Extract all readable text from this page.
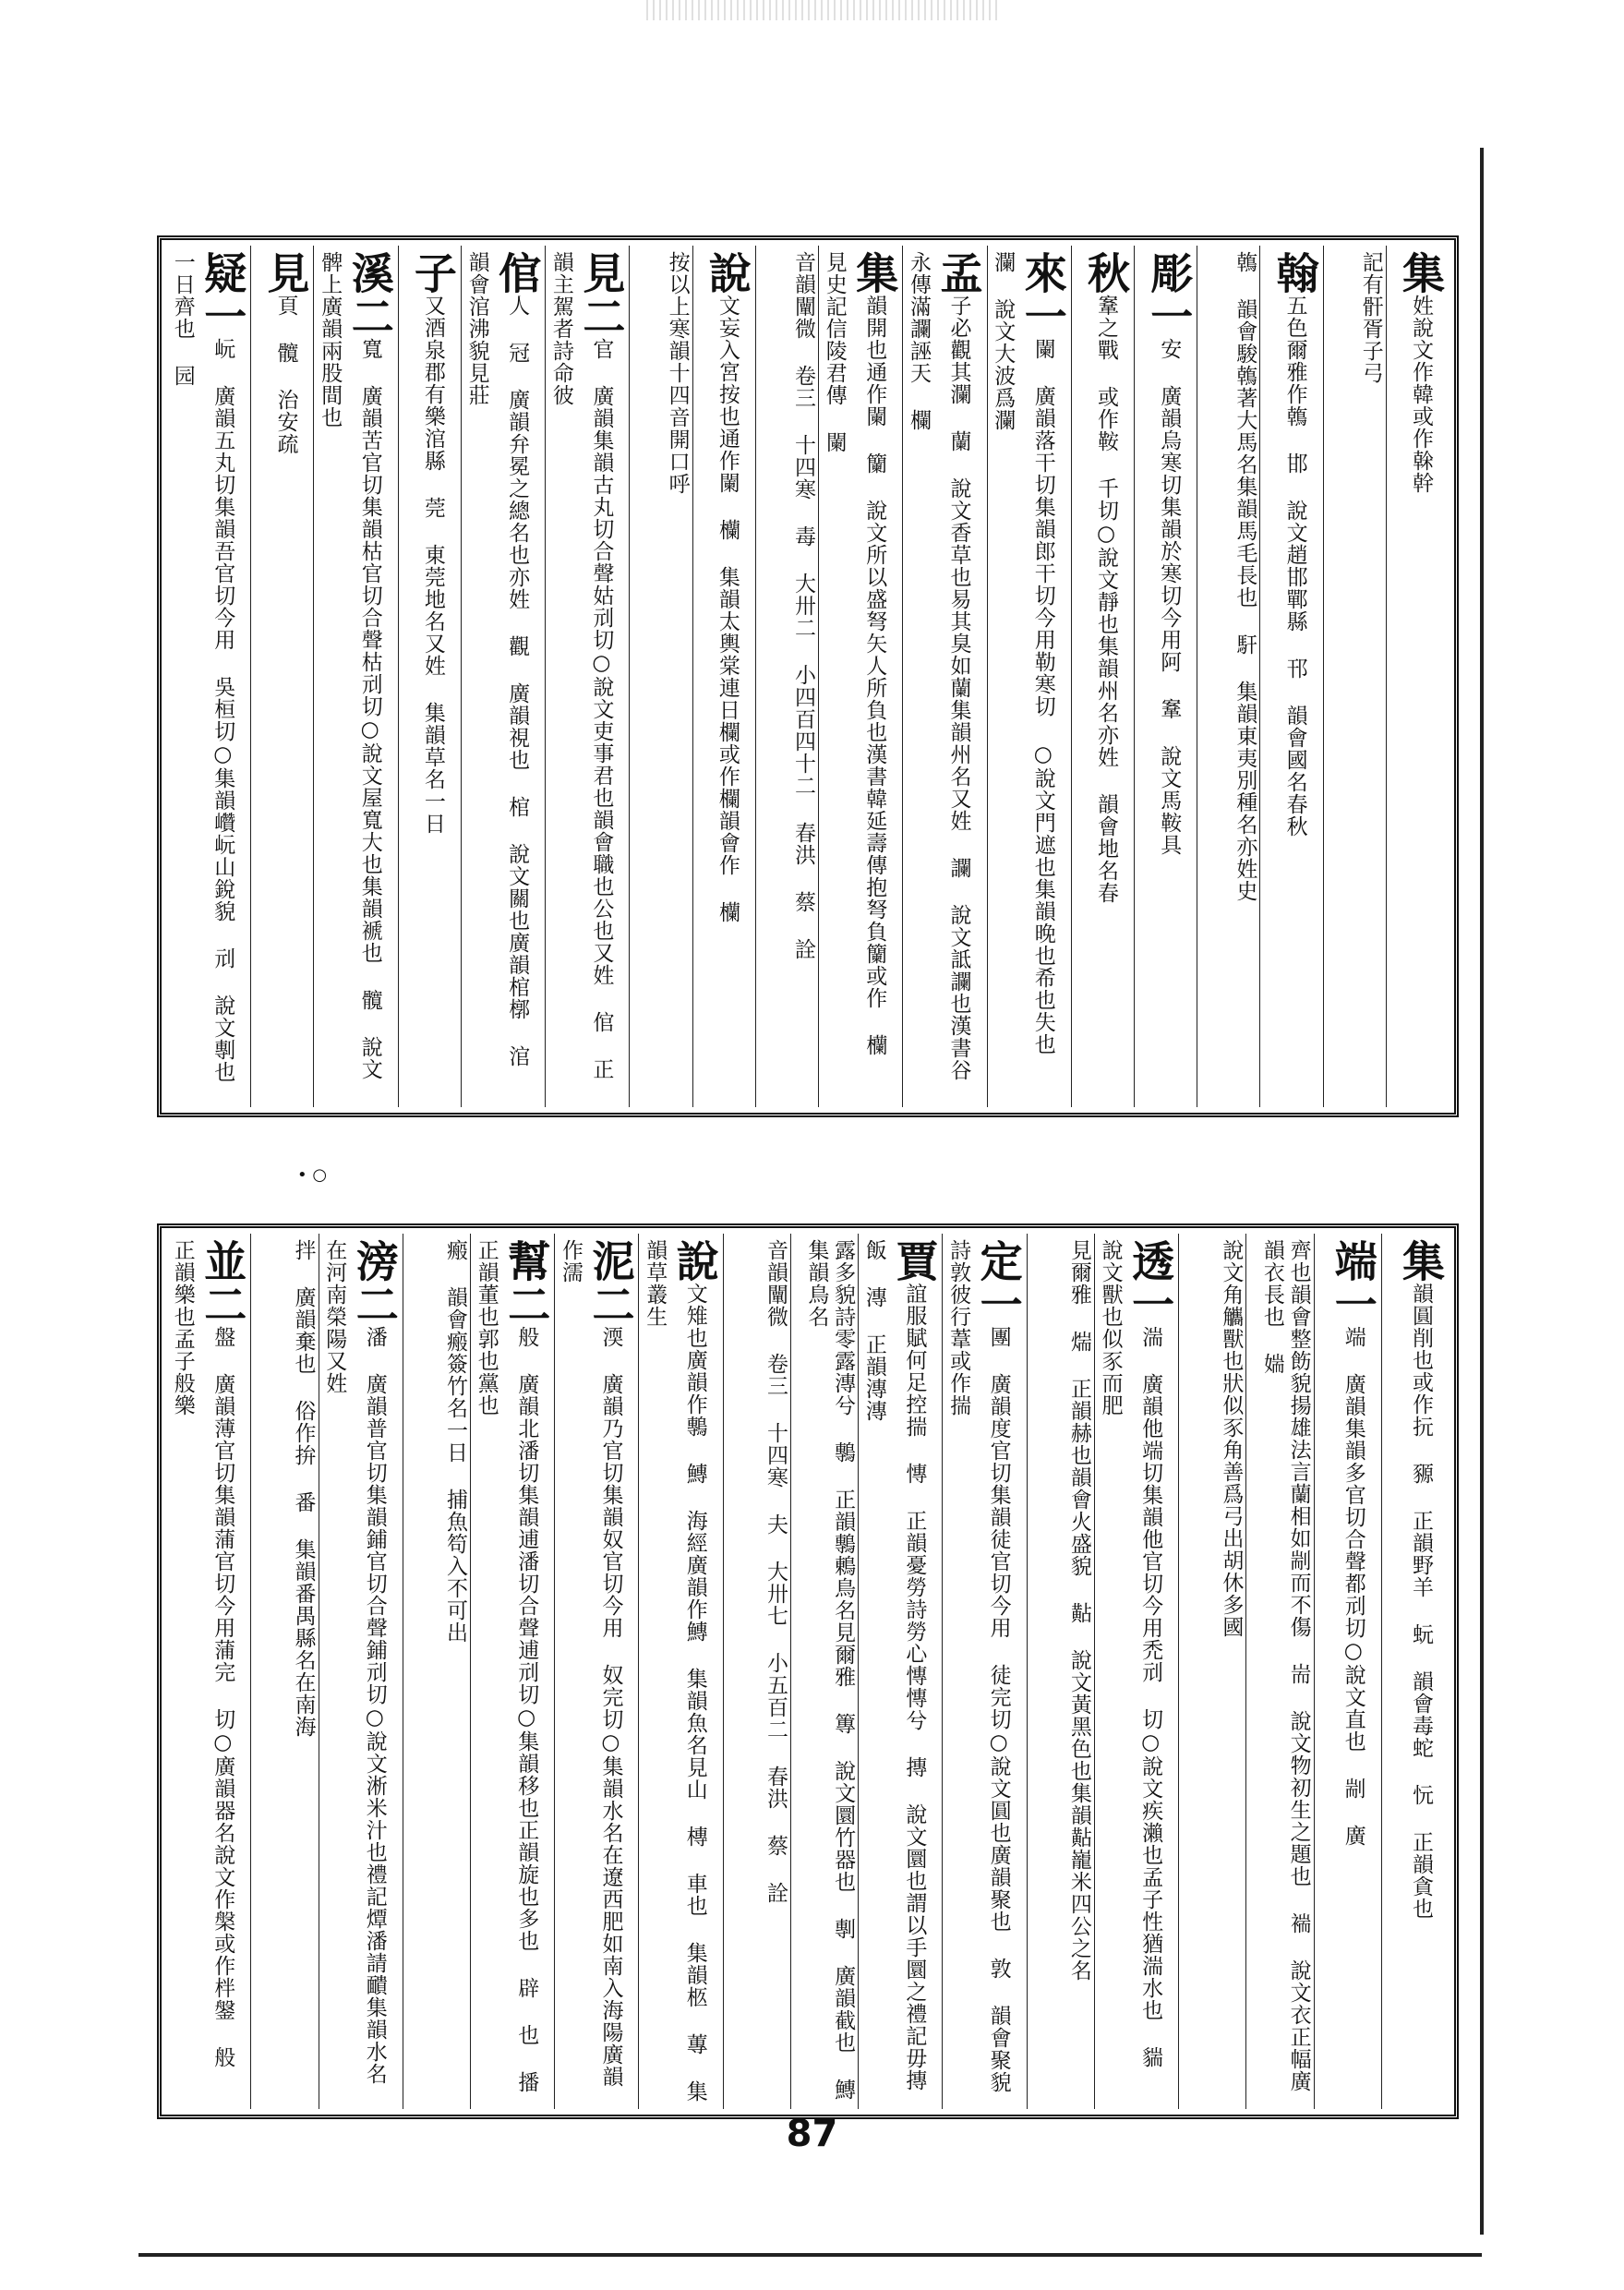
集姓說文作韓或作榦幹
記有骭胥子弓
翰五色爾雅作鶾 邯 說文趙邯鄲縣 邗 韻會國名春秋
鶾 韻會駿鶾著大馬名集韻馬毛長也 馯 集韻東夷別種名亦姓史
彫一安 廣韻烏寒切集韻於寒切今用阿 鞌 說文馬鞍具
秋鞌之戰 或作鞍 千切○說文靜也集韻州名亦姓 韻會地名春
來一闌 廣韻落干切集韻郎干切今用勒寒切 ○說文門遮也集韻晚也希也失也 瀾 說文大波爲瀾
孟子必觀其瀾 蘭 說文香草也易其臭如蘭集韻州名又姓 讕 說文詆讕也漢書谷永傳滿讕誣天 欄
集韻開也通作闌 籣 說文所以盛弩矢人所負也漢書韓延壽傳抱弩負籣或作 欗 見史記信陵君傳 闌
音韻闡微 卷三 十四寒 毒 大卅二 小四百四十二 春洪 蔡 詮
說文妄入宮按也通作闌 欗 集韻太輿棠連日欄或作欄韻會作 欗
按以上寒韻十四音開口呼
見二官 廣韻集韻古丸切合聲姑刓切○說文吏事君也韻會職也公也又姓 倌 正韻主駕者詩命彼
倌人 冠 廣韻弁冕之總名也亦姓 觀 廣韻視也 棺 說文關也廣韻棺槨 涫 韻會涫沸貌見莊
子又酒泉郡有樂涫縣 莞 東莞地名又姓 集韻草名一日
溪二寬 廣韻苦官切集韻枯官切合聲枯刓切○說文屋寬大也集韻褫也 髖 說文髀上廣韻兩股間也
見頁 髖 治安疏
疑一岏 廣韻五丸切集韻吾官切今用 吳桓切○集韻巑岏山銳貌 刓 說文剸也一日齊也 园
• ○
集韻圓削也或作抏 豲 正韻野羊 蚖 韻會毒蛇 忨 正韻貪也
端一端 廣韻集韻多官切合聲都刓切○說文直也 剬 廣
齊也韻會整飭貌揚雄法言蘭相如剬而不傷 耑 說文物初生之題也 褍 說文衣正幅廣韻衣長也 媏
說文角觿獸也狀似豕角善爲弓出胡休多國
透一湍 廣韻他端切集韻他官切今用禿刓 切○說文疾瀨也孟子性猶湍水也 貒 說文獸也似豕而肥
見爾雅 煓 正韻赫也韻會火盛貌 黇 說文黃黑色也集韻黇巃米四公之名
定一團 廣韻度官切集韻徒官切今用 徒完切○說文圓也廣韻聚也 敦 韻會聚貌詩敦彼行葦或作揣
賈誼服賦何足控揣 慱 正韻憂勞詩勞心慱慱兮 摶 說文圜也謂以手圜之禮記毋摶飯 漙 正韻漙漙
露多貌詩零露漙兮 鷒 正韻鷒鶇鳥名見爾雅 篿 說文圜竹器也 剸 廣韻截也 鱄 集韻鳥名
音韻闡微 卷三 十四寒 夫 大卅七 小五百二 春洪 蔡 詮
說文雉也廣韻作鷒 鱄 海經廣韻作鱄 集韻魚名見山 槫 車也 集韻柩 蓴 集韻草叢生
泥二渜 廣韻乃官切集韻奴官切今用 奴完切○集韻水名在遼西肥如南入海陽廣韻作濡
幫二般 廣韻北潘切集韻逋潘切合聲逋刓切○集韻移也正韻旋也多也 辟 也 播 正韻董也郭也黨也
瘢 韻會瘢簽竹名一日 捕魚笱入不可出
滂二潘 廣韻普官切集韻鋪官切合聲鋪刓切○說文淅米汁也禮記燂潘請靧集韻水名在河南榮陽又姓
拌 廣韻棄也 俗作拚 番 集韻番禺縣名在南海
並二盤 廣韻薄官切集韻蒲官切今用蒲完 切○廣韻器名說文作槃或作柈鎜 般 正韻樂也孟子般樂
87
